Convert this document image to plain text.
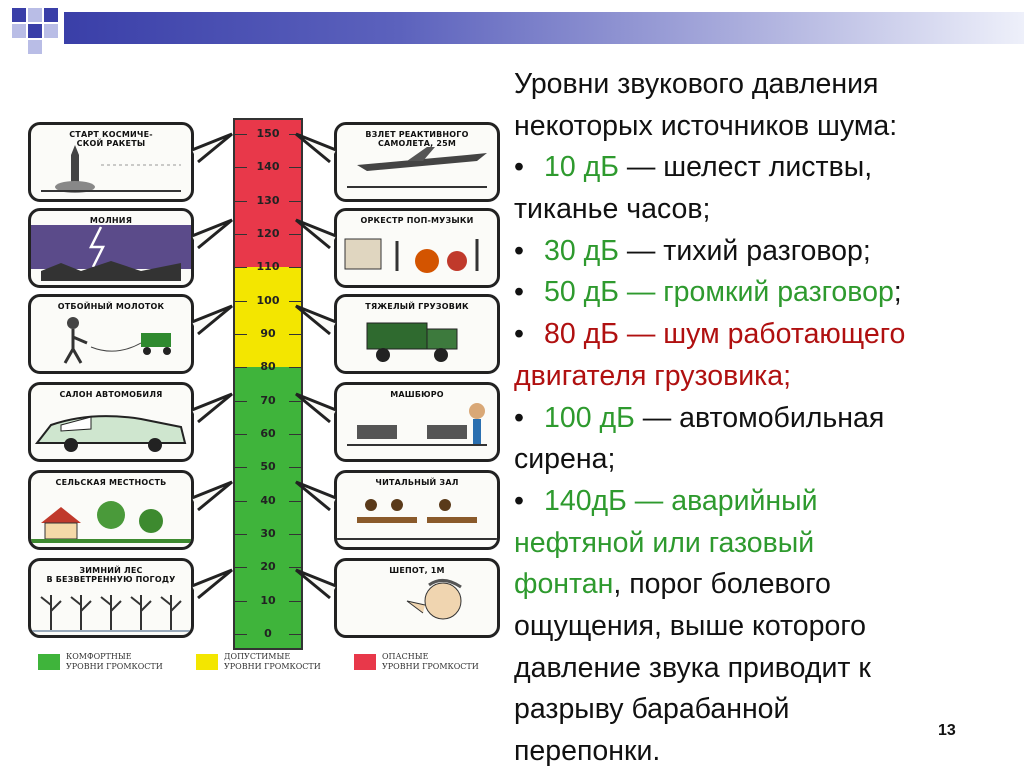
150
140
130
120
110
100
90
80
70
60
50
40
30
20
10
0
СТАРТ КОСМИЧЕ-
СКОЙ РАКЕТЫ
МОЛНИЯ
ОТБОЙНЫЙ МОЛОТОК
САЛОН АВТОМОБИЛЯ
СЕЛЬСКАЯ МЕСТНОСТЬ
ЗИМНИЙ ЛЕС
В БЕЗВЕТРЕННУЮ ПОГОДУ
ВЗЛЕТ РЕАКТИВНОГО
САМОЛЕТА, 25М
ОРКЕСТР ПОП-МУЗЫКИ
ТЯЖЕЛЫЙ ГРУЗОВИК
МАШБЮРО
ЧИТАЛЬНЫЙ ЗАЛ
ШЕПОТ, 1М
КОМФОРТНЫЕ
УРОВНИ ГРОМКОСТИ
ДОПУСТИМЫЕ
УРОВНИ ГРОМКОСТИ
ОПАСНЫЕ
УРОВНИ ГРОМКОСТИ
Уровни звукового давления
некоторых источников шума:
• 10 дБ — шелест листвы,
тиканье часов;
• 30 дБ — тихий разговор;
• 50 дБ — громкий разговор;
• 80 дБ — шум работающего
двигателя грузовика;
• 100 дБ — автомобильная
сирена;
• 140дБ — аварийный
нефтяной или газовый
фонтан, порог болевого
ощущения, выше которого
давление звука приводит к
разрыву барабанной
перепонки.
13
